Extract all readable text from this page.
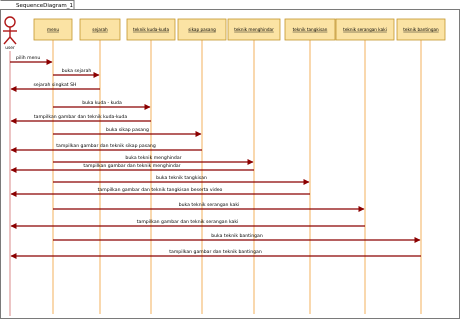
SequenceDiagram_1
user
menu	sejarah	teknik kuda-kuda	sikap pasang	teknik menghindar	teknik tangkisan	teknik serangan kaki	teknik bantingan
pilih menu
buka sejarah
sejarah singkat SH
buka kuda - kuda
tampilkan gambar dan teknik kuda-kuda
buka sikap pasang
tampilkan gambar dan teknik sikap pasang
buka teknik menghindar
tampilkan gambar dan teknik menghindar
buka teknik tangkisan
tampilkan gambar dan teknik tangkisan beserta video
buka teknik serangan kaki
tampilkan gambar dan teknik serangan kaki
buka teknik bantingan
tampilkan gambar dan teknik bantingan
